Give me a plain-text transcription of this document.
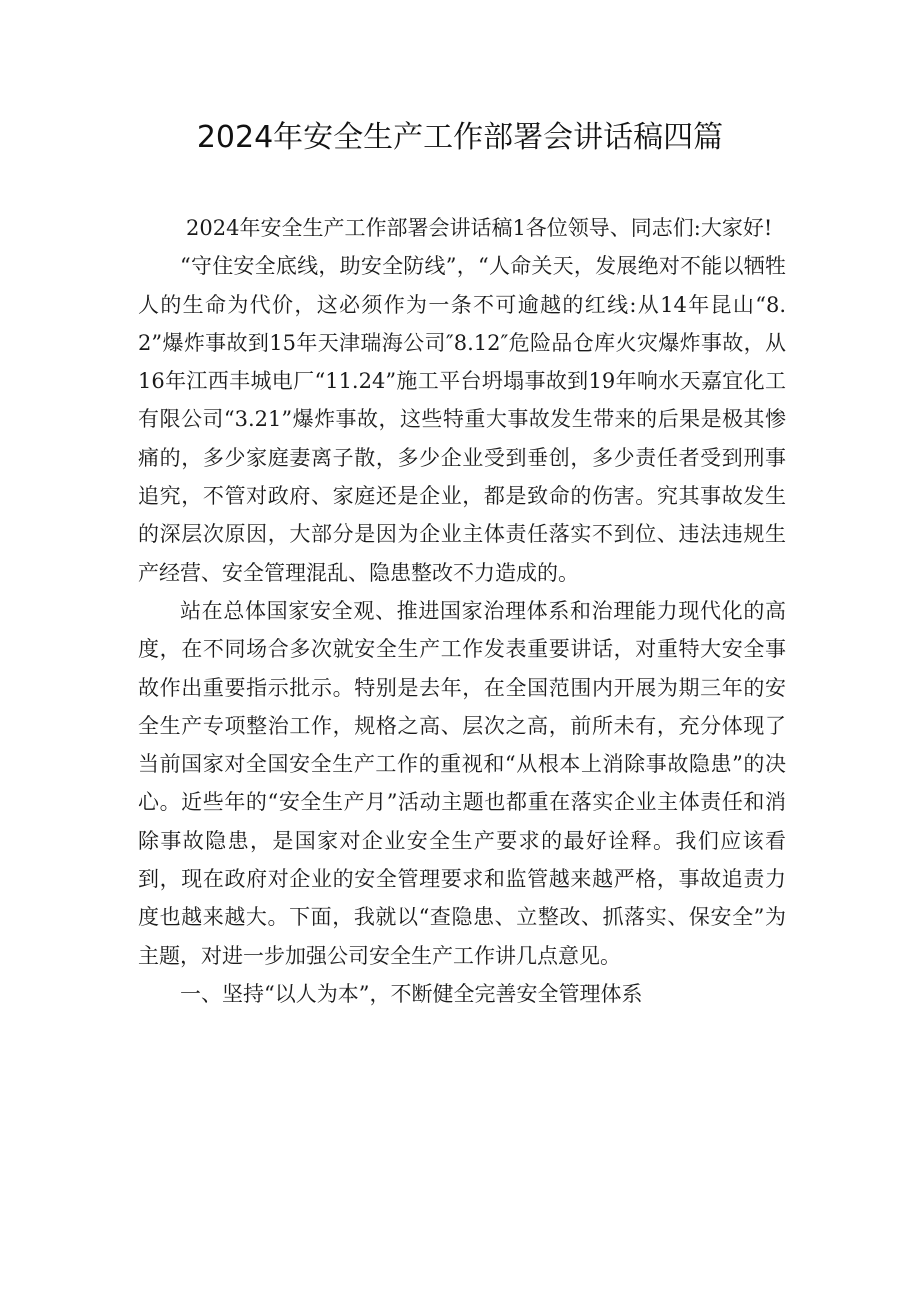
2024年安全生产工作部署会讲话稿四篇

2024年安全生产工作部署会讲话稿1各位领导、同志们:大家好!

“守住安全底线，助安全防线”，“人命关天，发展绝对不能以牺牲人的生命为代价，这必须作为一条不可逾越的红线:从14年昆山“8.2”爆炸事故到15年天津瑞海公司″8.12″危险品仓库火灾爆炸事故，从16年江西丰城电厂“11.24”施工平台坍塌事故到19年响水天嘉宜化工有限公司“3.21”爆炸事故，这些特重大事故发生带来的后果是极其惨痛的，多少家庭妻离子散，多少企业受到垂创，多少责任者受到刑事追究，不管对政府、家庭还是企业，都是致命的伤害。究其事故发生的深层次原因，大部分是因为企业主体责任落实不到位、违法违规生产经营、安全管理混乱、隐患整改不力造成的。

站在总体国家安全观、推进国家治理体系和治理能力现代化的高度，在不同场合多次就安全生产工作发表重要讲话，对重特大安全事故作出重要指示批示。特别是去年，在全国范围内开展为期三年的安全生产专项整治工作，规格之高、层次之高，前所未有，充分体现了当前国家对全国安全生产工作的重视和“从根本上消除事故隐患”的决心。近些年的“安全生产月”活动主题也都重在落实企业主体责任和消除事故隐患，是国家对企业安全生产要求的最好诠释。我们应该看到，现在政府对企业的安全管理要求和监管越来越严格，事故追责力度也越来越大。下面，我就以“查隐患、立整改、抓落实、保安全”为主题，对进一步加强公司安全生产工作讲几点意见。

一、坚持“以人为本”，不断健全完善安全管理体系
